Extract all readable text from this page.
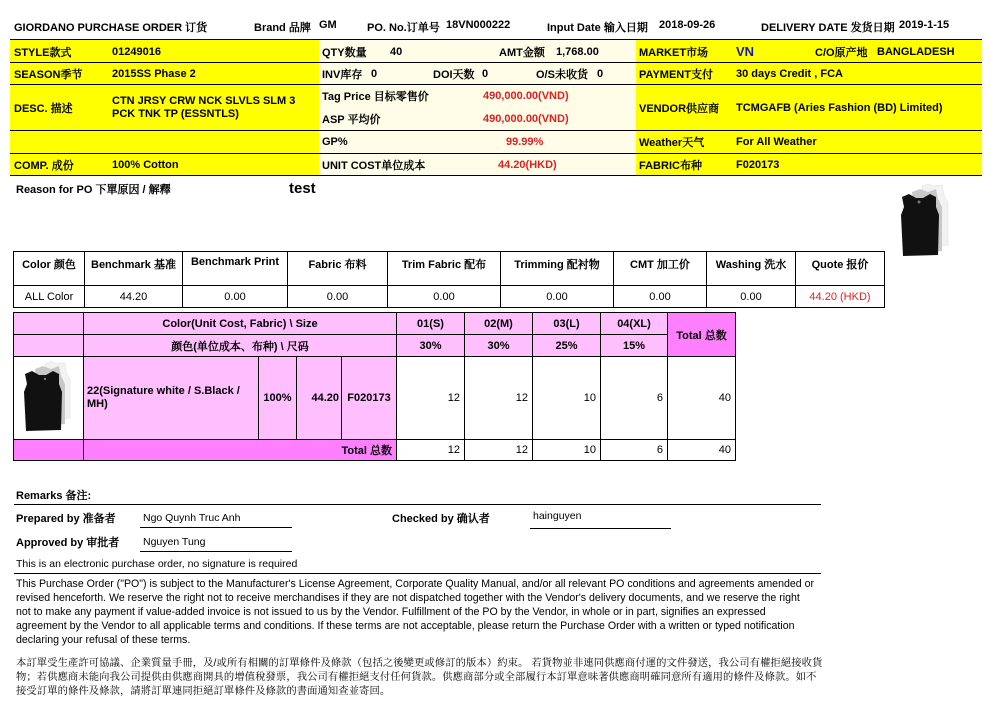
GIORDANO PURCHASE ORDER 订货	Brand 品牌 GM	PO. No.订单号 18VN000222	Input Date 输入日期 2018-09-26	DELIVERY DATE 发货日期 2019-1-15
STYLE款式	01249016
SEASON季节	2015SS Phase 2
DESC. 描述
CTN JRSY CRW NCK SLVLS SLM 3 PCK TNK TP (ESSNTLS)
COMP. 成份	100% Cotton
QTY数量 40	AMT金额 1,768.00
INV库存 0	DOI天数 0	O/S未收货 0
Tag Price 目标零售价	490,000.00(VND)
ASP 平均价	490,000.00(VND)
GP%	99.99%
UNIT COST单位成本	44.20(HKD)
MARKET市场 VN	C/O原产地 BANGLADESH
PAYMENT支付 30 days Credit , FCA
VENDOR供应商 TCMGAFB (Aries Fashion (BD) Limited)
Weather天气	For All Weather
FABRIC布种	F020173
Reason for PO 下單原因 / 解釋	test
Color 颜色	Benchmark 基准	Benchmark Print	Fabric 布料	Trim Fabric 配布	Trimming 配衬物	CMT 加工价	Washing 洗水	Quote 报价
ALL Color	44.20	0.00	0.00	0.00	0.00	0.00	0.00	44.20 (HKD)
	Color(Unit Cost, Fabric) \ Size				01(S)	02(M)	03(L)	04(XL)	Total 总数
	颜色(单位成本、布种) \ 尺码				30%	30%	25%	15%	
	22(Signature white / S.Black / MH)	100%	44.20	F020173	12	12	10	6	40
	Total 总数				12	12	10	6	40
Remarks 备注:
Prepared by 准备者	Ngo Quynh Truc Anh	Checked by 确认者	hainguyen
Approved by 审批者 Nguyen Tung
This is an electronic purchase order, no signature is required
This Purchase Order ("PO") is subject to the Manufacturer's License Agreement, Corporate Quality Manual, and/or all relevant PO conditions and agreements amended or revised henceforth. We reserve the right not to receive merchandises if they are not dispatched together with the Vendor's delivery documents, and we reserve the right not to make any payment if value-added invoice is not issued to us by the Vendor. Fulfillment of the PO by the Vendor, in whole or in part, signifies an expressed agreement by the Vendor to all applicable terms and conditions. If these terms are not acceptable, please return the Purchase Order with a written or typed notification declaring your refusal of these terms.
本訂單受生產許可協議、企業質量手冊，及/或所有相關的訂單條件及條款（包括之後變更或修訂的版本）約束。 若貨物並非連同供應商付運的文件發送，我公司有權拒絕接收貨物；若供應商未能向我公司提供由供應商開具的增值稅發票，我公司有權拒絕支付任何貨款。供應商部分或全部履行本訂單意味著供應商明確同意所有適用的條件及條款。如不接受訂單的條件及條款，請將訂單連同拒絕訂單條件及條款的書面通知查並寄回。
